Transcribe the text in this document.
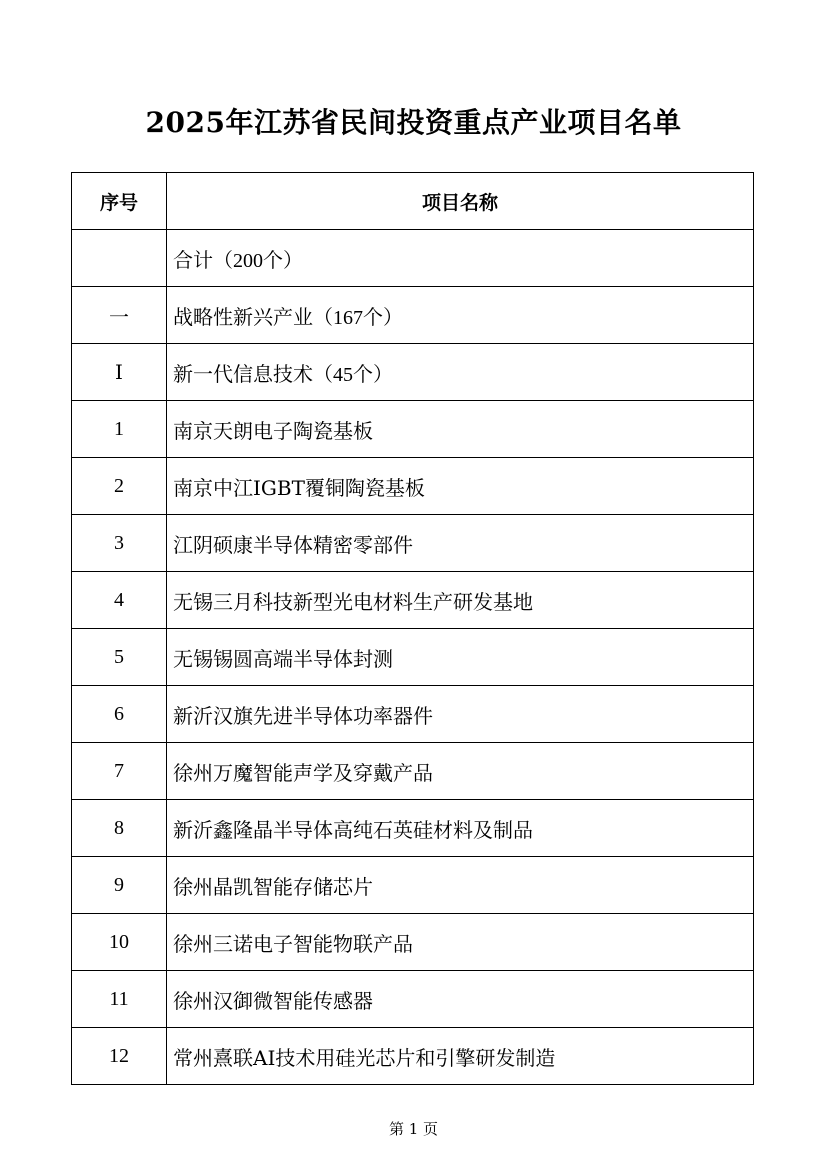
2025年江苏省民间投资重点产业项目名单
序号	项目名称
	合计（200个）
一	战略性新兴产业（167个）
Ⅰ	新一代信息技术（45个）
1	南京天朗电子陶瓷基板
2	南京中江IGBT覆铜陶瓷基板
3	江阴硕康半导体精密零部件
4	无锡三月科技新型光电材料生产研发基地
5	无锡锡圆高端半导体封测
6	新沂汉旗先进半导体功率器件
7	徐州万魔智能声学及穿戴产品
8	新沂鑫隆晶半导体高纯石英硅材料及制品
9	徐州晶凯智能存储芯片
10	徐州三诺电子智能物联产品
11	徐州汉御微智能传感器
12	常州熹联AI技术用硅光芯片和引擎研发制造
第 1 页
